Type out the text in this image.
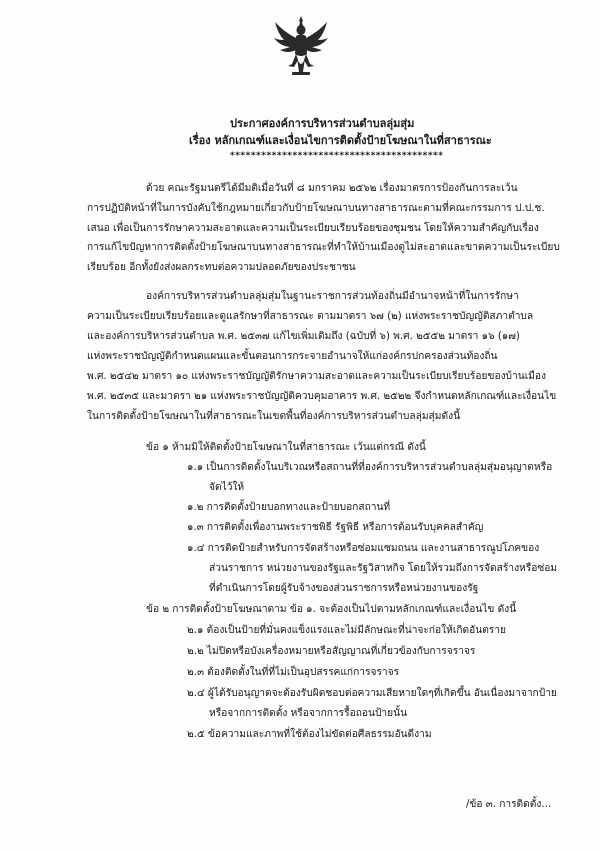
ประกาศองค์การบริหารส่วนตำบลลุ่มสุ่ม
เรื่อง หลักเกณฑ์และเงื่อนไขการติดตั้งป้ายโฆษณาในที่สาธารณะ
*****************************************
ด้วย คณะรัฐมนตรีได้มีมติเมื่อวันที่ ๘ มกราคม ๒๕๖๒ เรื่องมาตรการป้องกันการละเว้น
การปฏิบัติหน้าที่ในการบังคับใช้กฎหมายเกี่ยวกับป้ายโฆษณาบนทางสาธารณะตามที่คณะกรรมการ ป.ป.ช.
เสนอ เพื่อเป็นการรักษาความสะอาดและความเป็นระเบียบเรียบร้อยของชุมชน โดยให้ความสำคัญกับเรื่อง
การแก้ไขปัญหาการติดตั้งป้ายโฆษณาบนทางสาธารณะที่ทำให้บ้านเมืองดูไม่สะอาดและขาดความเป็นระเบียบ
เรียบร้อย อีกทั้งยังส่งผลกระทบต่อความปลอดภัยของประชาชน
องค์การบริหารส่วนตำบลลุ่มสุ่มในฐานะราชการส่วนท้องถิ่นมีอำนาจหน้าที่ในการรักษา
ความเป็นระเบียบเรียบร้อยและดูแลรักษาที่สาธารณะ ตามมาตรา ๖๗ (๒) แห่งพระราชบัญญัติสภาตำบล
และองค์การบริหารส่วนตำบล พ.ศ. ๒๕๓๗ แก้ไขเพิ่มเติมถึง (ฉบับที่ ๖) พ.ศ. ๒๕๕๒ มาตรา ๑๖ (๑๗)
แห่งพระราชบัญญัติกำหนดแผนและขั้นตอนการกระจายอำนาจให้แก่องค์กรปกครองส่วนท้องถิ่น
พ.ศ. ๒๕๔๒ มาตรา ๑๐ แห่งพระราชบัญญัติรักษาความสะอาดและความเป็นระเบียบเรียบร้อยของบ้านเมือง
พ.ศ. ๒๕๓๕ และมาตรา ๒๑ แห่งพระราชบัญญัติควบคุมอาคาร พ.ศ. ๒๕๒๒ จึงกำหนดหลักเกณฑ์และเงื่อนไข
ในการติดตั้งป้ายโฆษณาในที่สาธารณะในเขตพื้นที่องค์การบริหารส่วนตำบลลุ่มสุ่มดังนี้
ข้อ ๑ ห้ามมิให้ติดตั้งป้ายโฆษณาในที่สาธารณะ เว้นแต่กรณี ดังนี้
๑.๑ เป็นการติดตั้งในบริเวณหรือสถานที่ที่องค์การบริหารส่วนตำบลลุ่มสุ่มอนุญาตหรือ
จัดไว้ให้
๑.๒ การติดตั้งป้ายบอกทางและป้ายบอกสถานที่
๑.๓ การติดตั้งเพื่องานพระราชพิธี รัฐพิธี หรือการต้อนรับบุคคลสำคัญ
๑.๔ การติดป้ายสำหรับการจัดสร้างหรือซ่อมแซมถนน และงานสาธารณูปโภคของ
ส่วนราชการ หน่วยงานของรัฐและรัฐวิสาหกิจ โดยให้รวมถึงการจัดสร้างหรือซ่อม
ที่ดำเนินการโดยผู้รับจ้างของส่วนราชการหรือหน่วยงานของรัฐ
ข้อ ๒ การติดตั้งป้ายโฆษณาตาม ข้อ ๑. จะต้องเป็นไปตามหลักเกณฑ์และเงื่อนไข ดังนี้
๒.๑ ต้องเป็นป้ายที่มั่นคงแข็งแรงและไม่มีลักษณะที่น่าจะก่อให้เกิดอันตราย
๒.๒ ไม่ปิดหรือบังเครื่องหมายหรือสัญญาณที่เกี่ยวข้องกับการจราจร
๒.๓ ต้องติดตั้งในที่ที่ไม่เป็นอุปสรรคแก่การจราจร
๒.๔ ผู้ได้รับอนุญาตจะต้องรับผิดชอบต่อความเสียหายใดๆที่เกิดขึ้น อันเนื่องมาจากป้าย
หรือจากการติดตั้ง หรือจากการรื้อถอนป้ายนั้น
๒.๕ ข้อความและภาพที่ใช้ต้องไม่ขัดต่อศีลธรรมอันดีงาม
/ข้อ ๓. การติดตั้ง...
